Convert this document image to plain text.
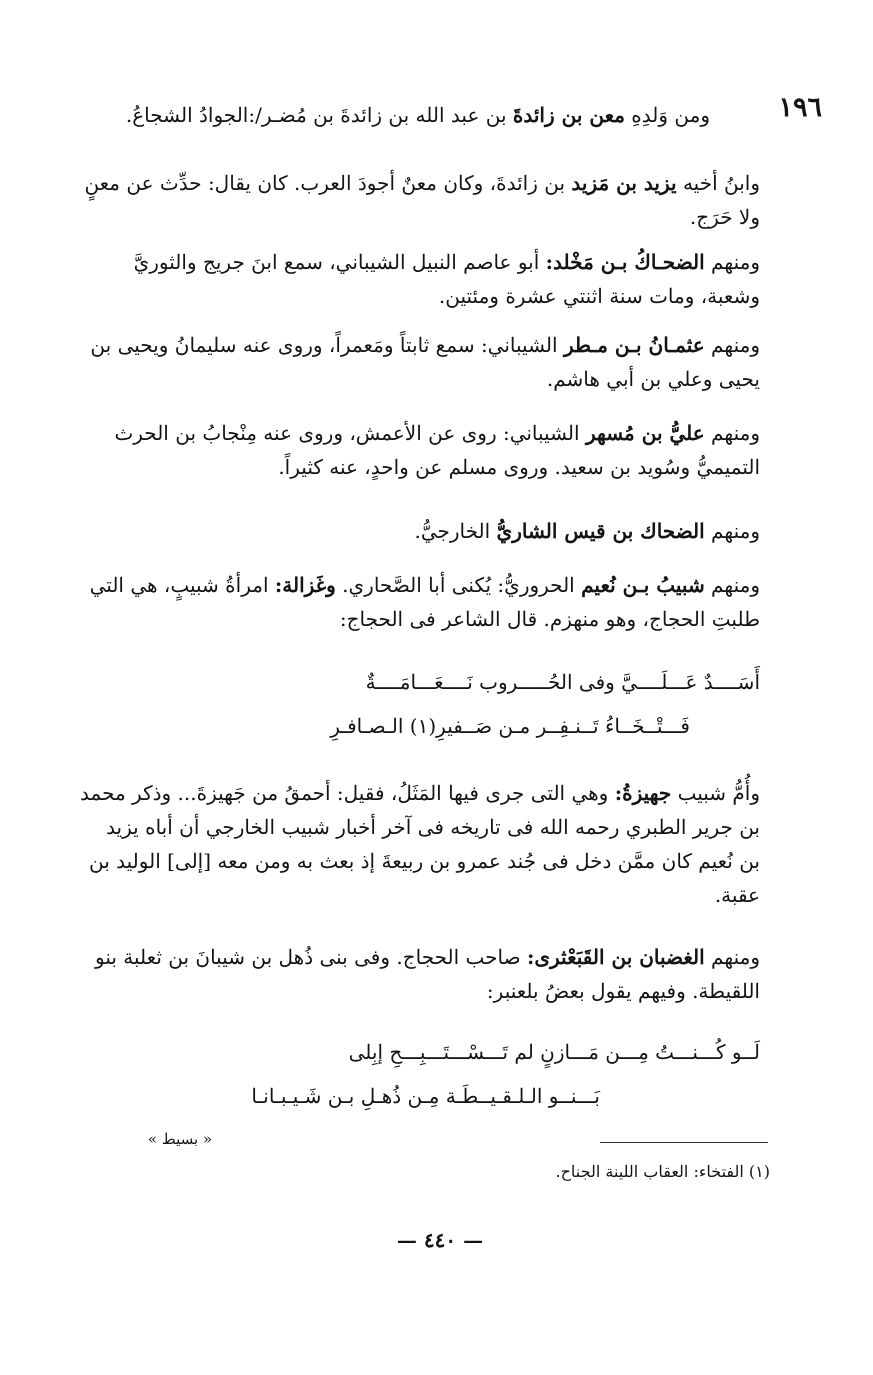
١٩٦
ومن وَلدِهِ معن بن زائدةَ بن عبد الله بن زائدةَ بن مُضـر/:الجوادُ الشجاعُ.
وابنُ أخيه يزيد بن مَزيد بن زائدةَ، وكان معنٌ أجودَ العرب. كان يقال: حدِّث عن معنٍ ولا حَرَج.
ومنهم الضحـاكُ بـن مَخْلد: أبو عاصم النبيل الشيباني، سمع ابنَ جريج والثوريَّ وشعبة، ومات سنة اثنتي عشرة ومئتين.
ومنهم عثمـانُ بـن مـطر الشيباني: سمع ثابتاً ومَعمراً، وروى عنه سليمانُ ويحيى بن يحيى وعلي بن أبي هاشم.
ومنهم عليُّ بن مُسهر الشيباني: روى عن الأعمش، وروى عنه مِنْجابُ بن الحرث التميميُّ وسُويد بن سعيد. وروى مسلم عن واحدٍ، عنه كثيراً.
ومنهم الضحاك بن قيس الشاريُّ الخارجيُّ.
ومنهم شبيبُ بـن نُعيم الحروريُّ: يُكنى أبا الصَّحاري. وغَزالة: امرأةُ شبيبٍ، هي التي طلبتِ الحجاج، وهو منهزم. قال الشاعر فى الحجاج:
أَسَــــدٌ عَـــلَــــيَّ وفى الحُـــــروب نَــــعَـــامَــــةٌ
فَـــتْــخَــاءُ تَــنـفِــر مـن صَــفيرِ(١) الـصـافـرِ
وأُمُّ شبيب جهيزةُ: وهي التى جرى فيها المَثَلُ، فقيل: أحمقُ من جَهيزةَ... وذكر محمد بن جرير الطبري رحمه الله فى تاريخه فى آخر أخبار شبيب الخارجي أن أباه يزيد بن نُعيم كان ممَّن دخل فى جُند عمرو بن ربيعةَ إذ بعث به ومن معه [إلى] الوليد بن عقبة.
ومنهم الغضبان بن القَبَعْثرى: صاحب الحجاج. وفى بنى ذُهل بن شيبانَ بن ثعلبة بنو اللقيطة. وفيهم يقول بعضُ بلعنبر:
لَــو كُـــنـــتُ مِـــن مَـــازنٍ لم تَـــسْـــتَـــبِـــحِ إبِلى
بَـــنــو الـلـقـيــطَـة مِـن ذُهـلِ بـن شَـيـبـانـا
« بسيط »
(١) الفتخاء: العقاب اللينة الجناح.
— ٤٤٠ —
